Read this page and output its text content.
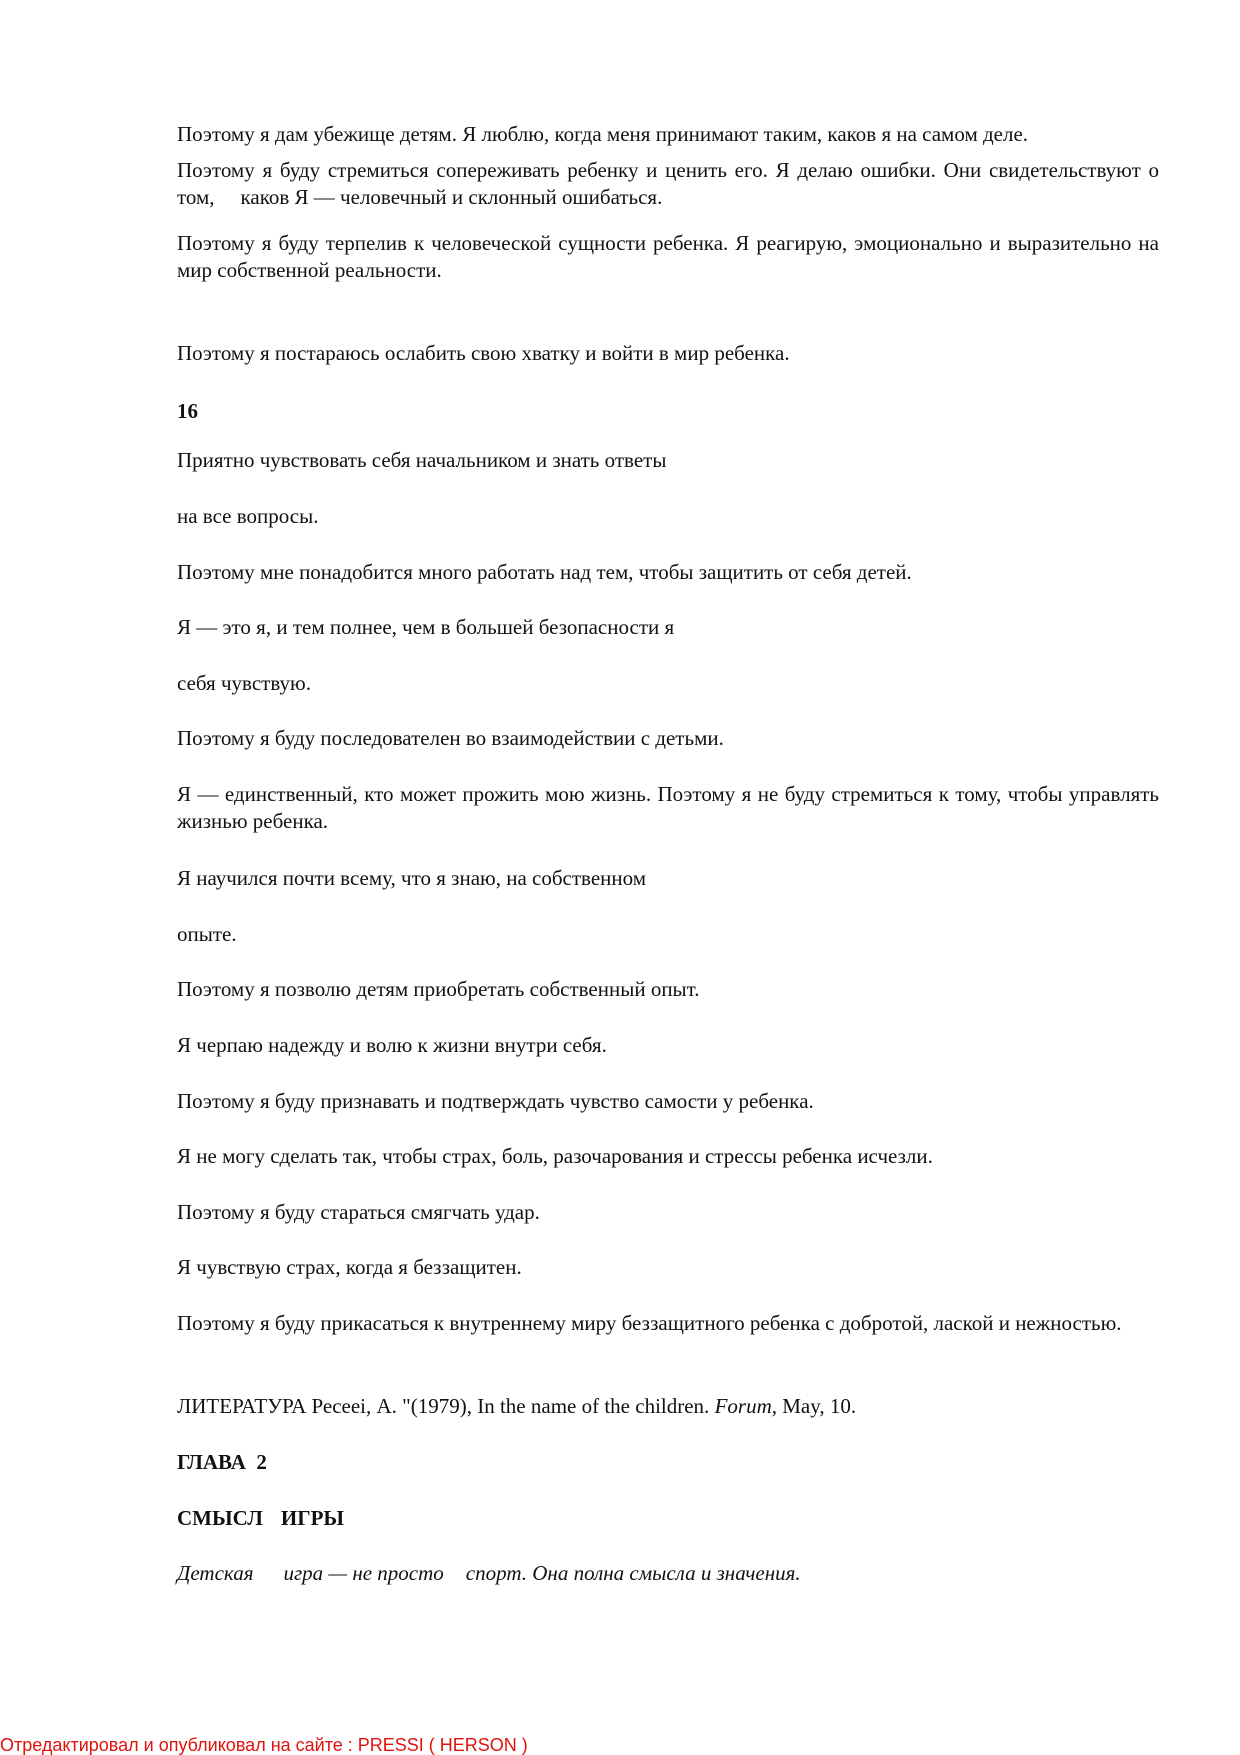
Поэтому я дам убежище детям. Я люблю, когда меня принимают таким, каков я на самом деле.

Поэтому я буду стремиться сопереживать ребенку и ценить его. Я делаю ошибки. Они свидетельствуют о том, каков Я — человечный и склонный ошибаться.

Поэтому я буду терпелив к человеческой сущности ребенка. Я реагирую, эмоционально и выразительно на мир собственной реальности.

Поэтому я постараюсь ослабить свою хватку и войти в мир ребенка.

16

Приятно чувствовать себя начальником и знать ответы

на все вопросы.

Поэтому мне понадобится много работать над тем, чтобы защитить от себя детей.

Я — это я, и тем полнее, чем в большей безопасности я

себя чувствую.

Поэтому я буду последователен во взаимодействии с детьми.

Я — единственный, кто может прожить мою жизнь. Поэтому я не буду стремиться к тому, чтобы управлять жизнью ребенка.

Я научился почти всему, что я знаю, на собственном

опыте.

Поэтому я позволю детям приобретать собственный опыт.

Я черпаю надежду и волю к жизни внутри себя.

Поэтому я буду признавать и подтверждать чувство самости у ребенка.

Я не могу сделать так, чтобы страх, боль, разочарования и стрессы ребенка исчезли.

Поэтому я буду стараться смягчать удар.

Я чувствую страх, когда я беззащитен.

Поэтому я буду прикасаться к внутреннему миру беззащитного ребенка с добротой, лаской и нежностью.

ЛИТЕРАТУРА Реcееі, А. "(1979), In the name of the children. Forum, May, 10.

ГЛАВА 2

СМЫСЛ ИГРЫ

Детская игра — не просто спорт. Она полна смысла и значения.

Отредактировал и опубликовал на сайте : PRESSI ( HERSON )
